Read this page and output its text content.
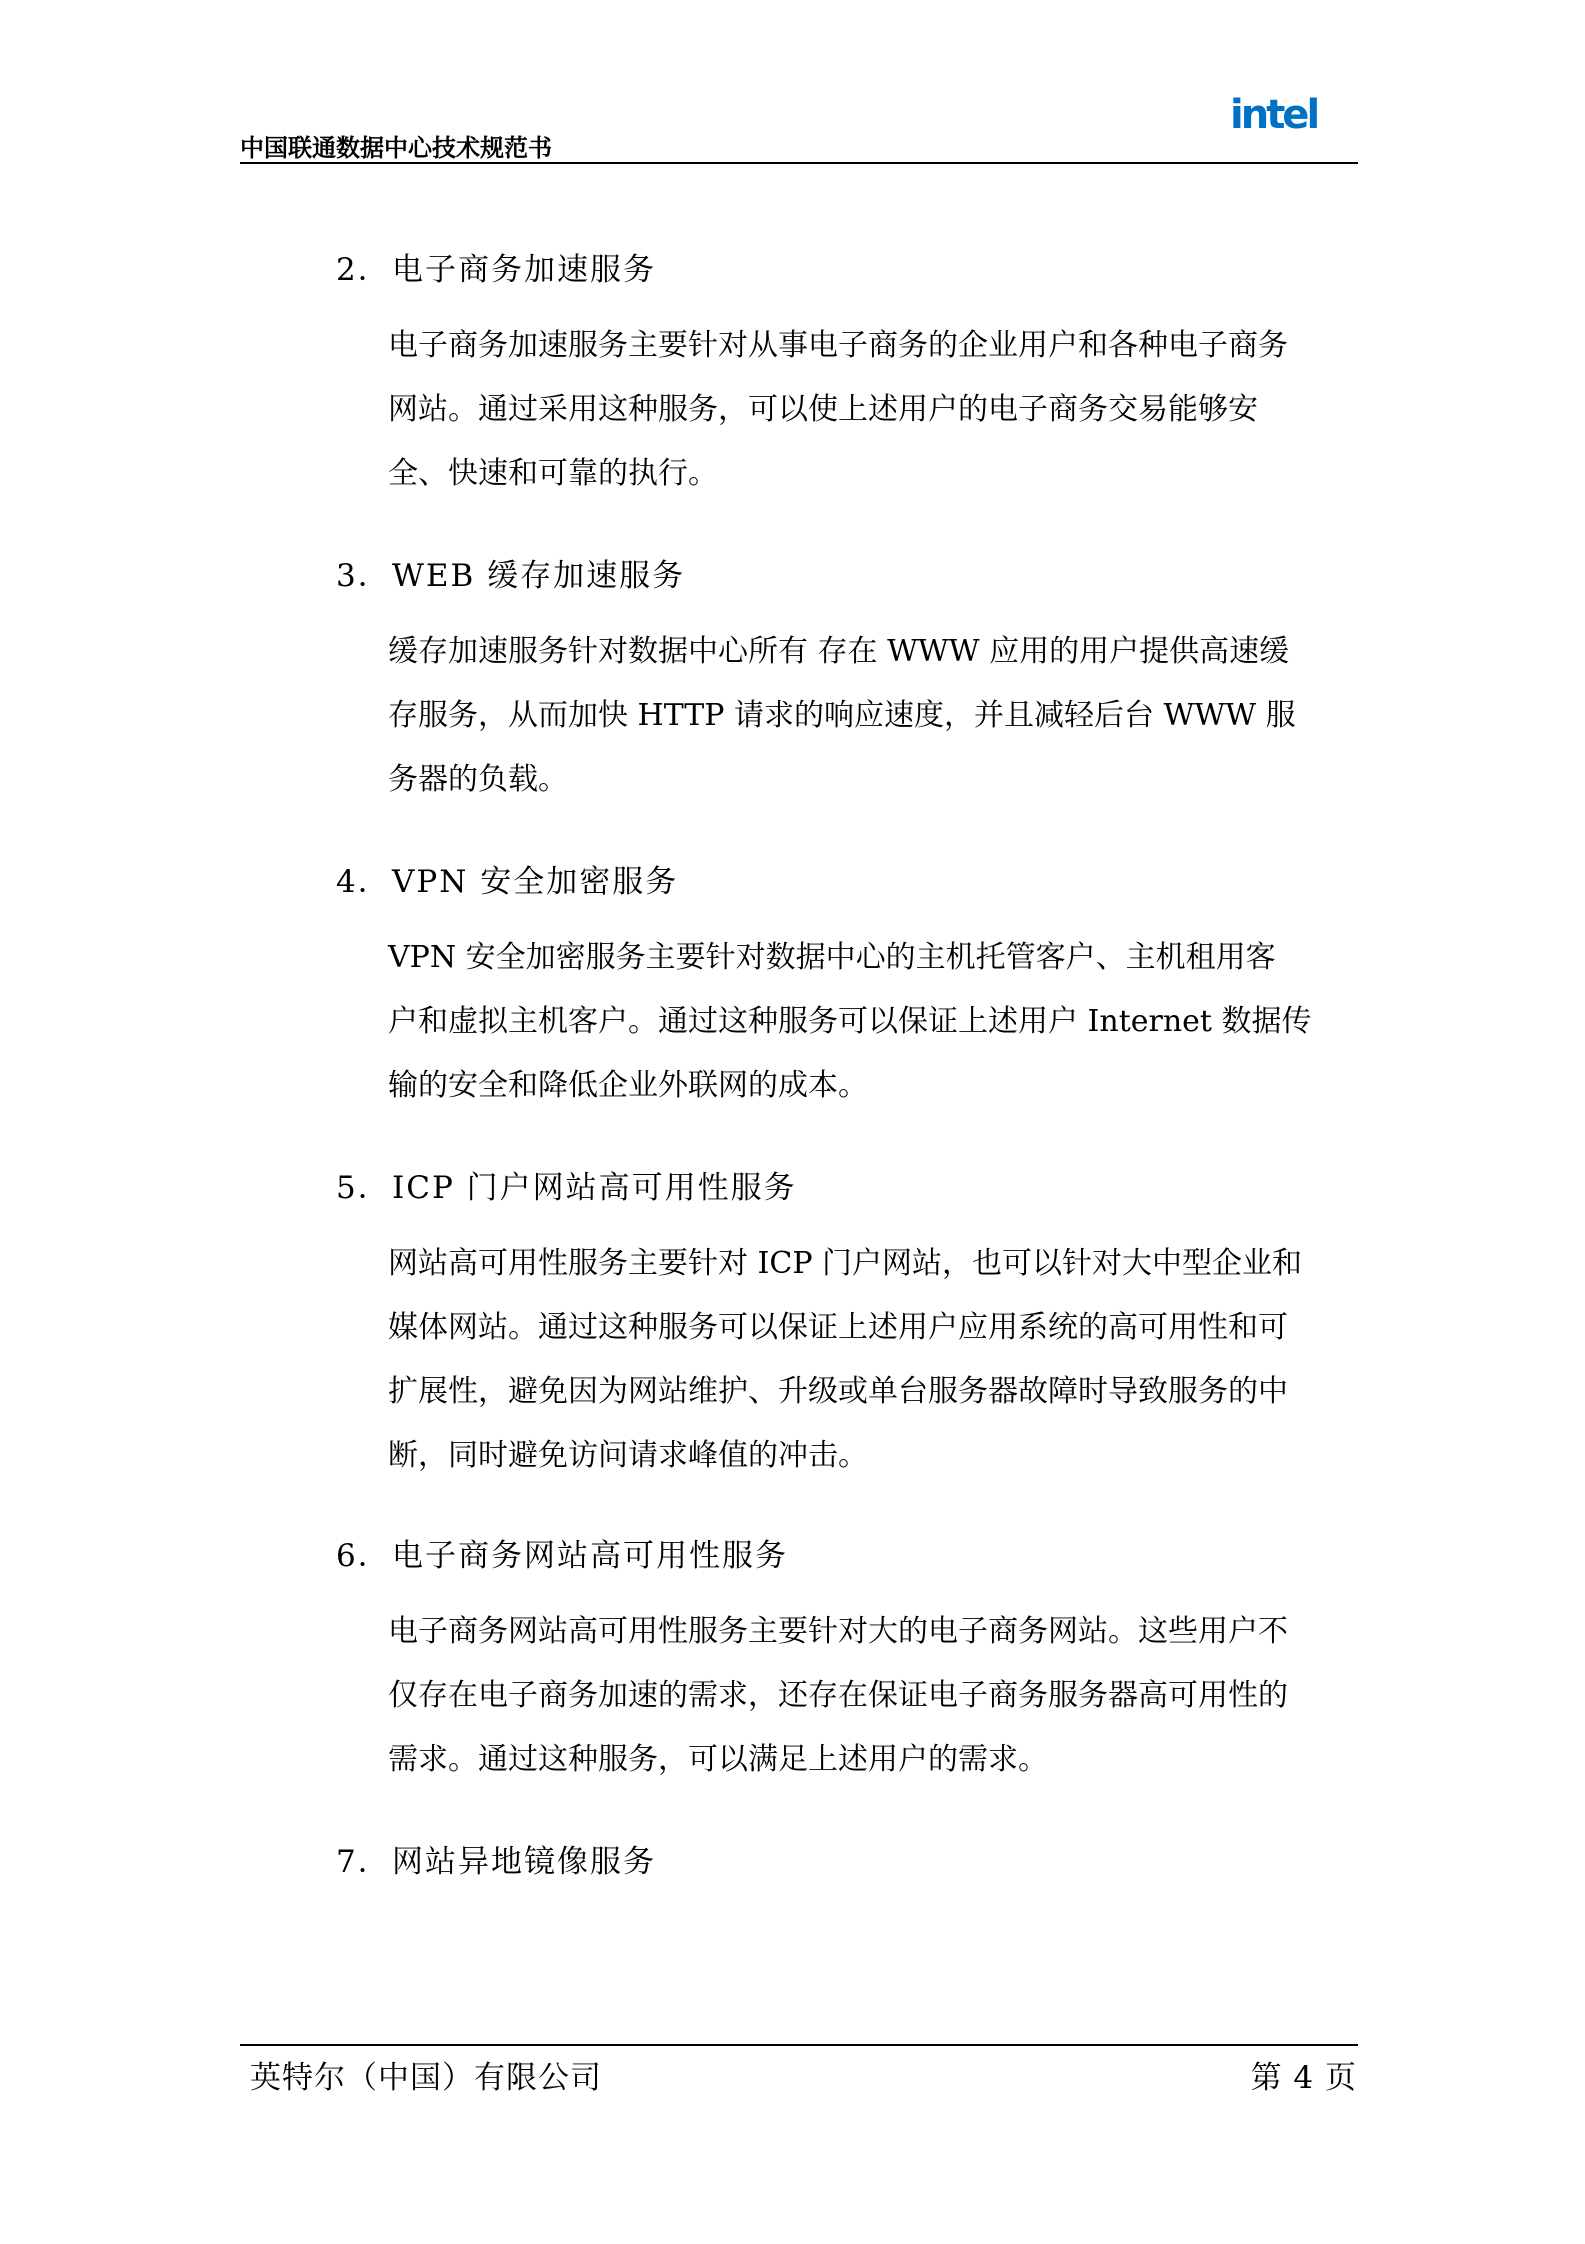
中国联通数据中心技术规范书
intel
2．电子商务加速服务
电子商务加速服务主要针对从事电子商务的企业用户和各种电子商务
网站。通过采用这种服务，可以使上述用户的电子商务交易能够安
全、快速和可靠的执行。
3．WEB 缓存加速服务
缓存加速服务针对数据中心所有 存在 WWW 应用的用户提供高速缓
存服务，从而加快 HTTP 请求的响应速度，并且减轻后台 WWW 服
务器的负载。
4．VPN 安全加密服务
VPN 安全加密服务主要针对数据中心的主机托管客户、主机租用客
户和虚拟主机客户。通过这种服务可以保证上述用户 Internet 数据传
输的安全和降低企业外联网的成本。
5．ICP 门户网站高可用性服务
网站高可用性服务主要针对 ICP 门户网站，也可以针对大中型企业和
媒体网站。通过这种服务可以保证上述用户应用系统的高可用性和可
扩展性，避免因为网站维护、升级或单台服务器故障时导致服务的中
断，同时避免访问请求峰值的冲击。
6．电子商务网站高可用性服务
电子商务网站高可用性服务主要针对大的电子商务网站。这些用户不
仅存在电子商务加速的需求，还存在保证电子商务服务器高可用性的
需求。通过这种服务，可以满足上述用户的需求。
7．网站异地镜像服务
英特尔（中国）有限公司	第 4 页
